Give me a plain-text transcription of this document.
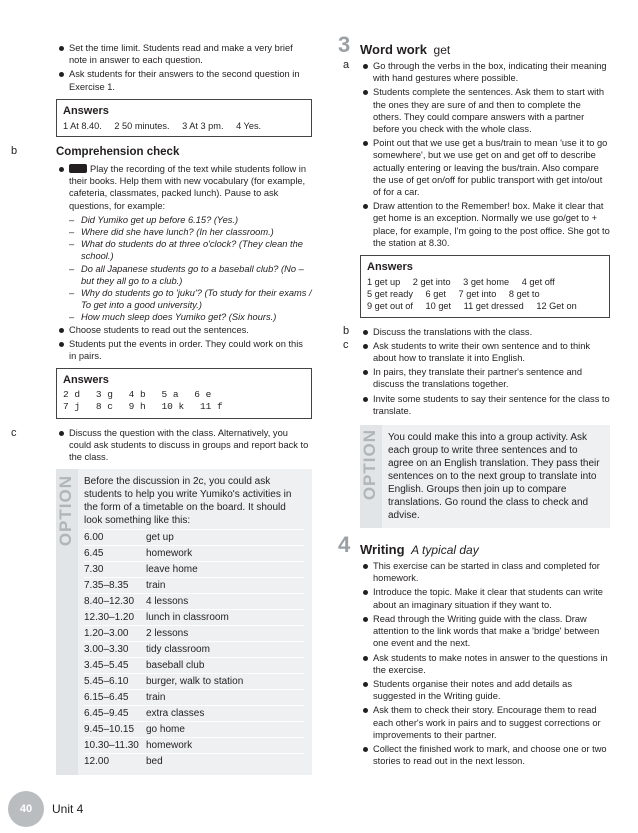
Set the time limit. Students read and make a very brief note in answer to each question.
Ask students for their answers to the second question in Exercise 1.
Answers
1 At 8.40. 2 50 minutes. 3 At 3 pm. 4 Yes.
b	Comprehension check
Play the recording of the text while students follow in their books. Help them with new vocabulary (for example, cafeteria, classmates, packed lunch). Pause to ask questions, for example:
– Did Yumiko get up before 6.15? (Yes.)
– Where did she have lunch? (In her classroom.)
– What do students do at three o'clock? (They clean the school.)
– Do all Japanese students go to a baseball club? (No – but they all go to a club.)
– Why do students go to 'juku'? (To study for their exams / To get into a good university.)
– How much sleep does Yumiko get? (Six hours.)
Choose students to read out the sentences.
Students put the events in order. They could work on this in pairs.
Answers
2 d 3 g 4 b 5 a 6 e
7 j 8 c 9 h 10 k 11 f
c	Discuss the question with the class. Alternatively, you could ask students to discuss in groups and report back to the class.
OPTION Before the discussion in 2c, you could ask students to help you write Yumiko's activities in the form of a timetable on the board. It should look something like this:
6.00	get up
6.45	homework
7.30	leave home
7.35–8.35	train
8.40–12.30	4 lessons
12.30–1.20	lunch in classroom
1.20–3.00	2 lessons
3.00–3.30	tidy classroom
3.45–5.45	baseball club
5.45–6.10	burger, walk to station
6.15–6.45	train
6.45–9.45	extra classes
9.45–10.15	go home
10.30–11.30 homework
12.00	bed
3 Word work get
a	Go through the verbs in the box, indicating their meaning with hand gestures where possible.
Students complete the sentences. Ask them to start with the ones they are sure of and then to complete the others. They could compare answers with a partner before you check with the whole class.
Point out that we use get a bus/train to mean 'use it to go somewhere', but we use get on and get off to describe actually entering or leaving the bus/train. Also compare the use of get on/off for public transport with get into/out of for a car.
Draw attention to the Remember! box. Make it clear that get home is an exception. Normally we use go/get to + place, for example, I'm going to the post office. She got to the station at 8.30.
Answers
1 get up 2 get into 3 get home 4 get off
5 get ready 6 get 7 get into 8 get to
9 get out of 10 get 11 get dressed 12 Get on
b	Discuss the translations with the class.
c	Ask students to write their own sentence and to think about how to translate it into English.
In pairs, they translate their partner's sentence and discuss the translations together.
Invite some students to say their sentence for the class to translate.
OPTION You could make this into a group activity. Ask each group to write three sentences and to agree on an English translation. They pass their sentences on to the next group to translate into English. Groups then join up to compare translations. Go round the class to check and advise.
4 Writing A typical day
This exercise can be started in class and completed for homework.
Introduce the topic. Make it clear that students can write about an imaginary situation if they want to.
Read through the Writing guide with the class. Draw attention to the link words that make a 'bridge' between one event and the next.
Ask students to make notes in answer to the questions in the exercise.
Students organise their notes and add details as suggested in the Writing guide.
Ask them to check their story. Encourage them to read each other's work in pairs and to suggest corrections or improvements to their partner.
Collect the finished work to mark, and choose one or two stories to read out in the next lesson.
40	Unit 4
